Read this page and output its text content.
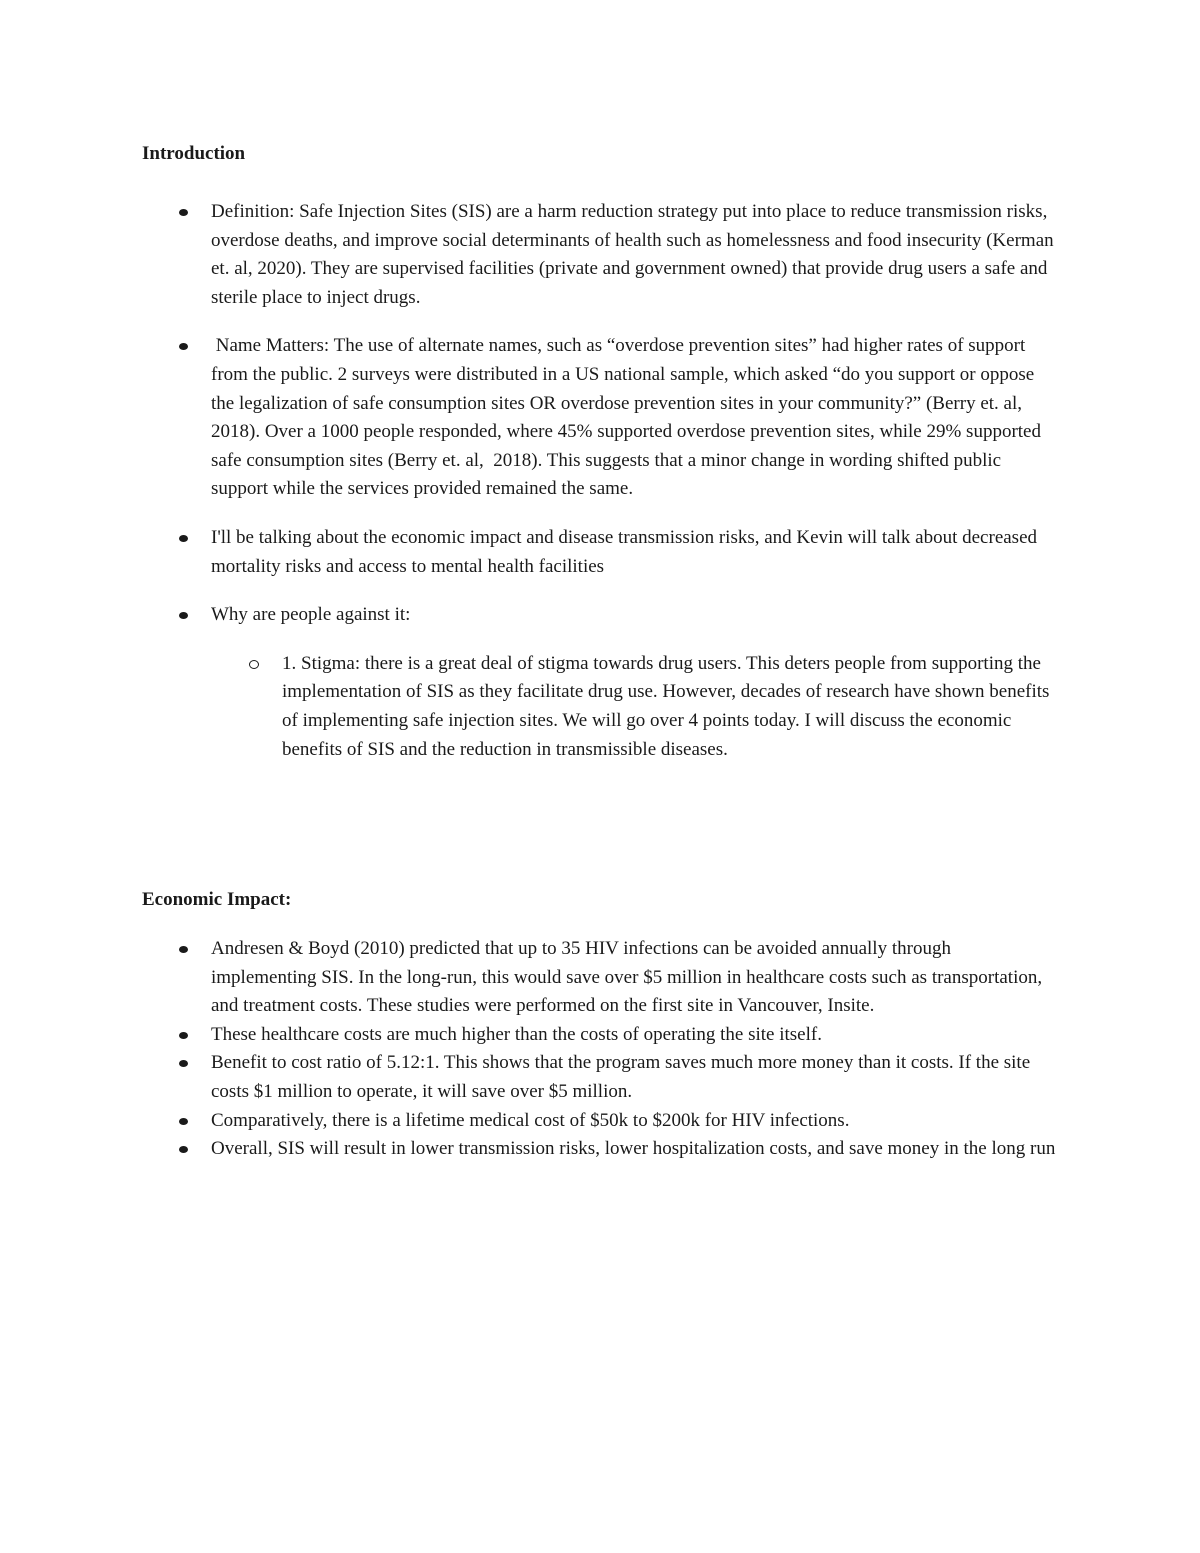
Introduction
Definition: Safe Injection Sites (SIS) are a harm reduction strategy put into place to reduce transmission risks, overdose deaths, and improve social determinants of health such as homelessness and food insecurity (Kerman et. al, 2020). They are supervised facilities (private and government owned) that provide drug users a safe and sterile place to inject drugs.
Name Matters: The use of alternate names, such as “overdose prevention sites” had higher rates of support from the public. 2 surveys were distributed in a US national sample, which asked “do you support or oppose the legalization of safe consumption sites OR overdose prevention sites in your community?” (Berry et. al,  2018). Over a 1000 people responded, where 45% supported overdose prevention sites, while 29% supported safe consumption sites (Berry et. al,  2018). This suggests that a minor change in wording shifted public support while the services provided remained the same.
I'll be talking about the economic impact and disease transmission risks, and Kevin will talk about decreased mortality risks and access to mental health facilities
Why are people against it:
1. Stigma: there is a great deal of stigma towards drug users. This deters people from supporting the implementation of SIS as they facilitate drug use. However, decades of research have shown benefits of implementing safe injection sites. We will go over 4 points today. I will discuss the economic benefits of SIS and the reduction in transmissible diseases.
Economic Impact:
Andresen & Boyd (2010) predicted that up to 35 HIV infections can be avoided annually through implementing SIS. In the long-run, this would save over $5 million in healthcare costs such as transportation, and treatment costs. These studies were performed on the first site in Vancouver, Insite.
These healthcare costs are much higher than the costs of operating the site itself.
Benefit to cost ratio of 5.12:1. This shows that the program saves much more money than it costs. If the site costs $1 million to operate, it will save over $5 million.
Comparatively, there is a lifetime medical cost of $50k to $200k for HIV infections.
Overall, SIS will result in lower transmission risks, lower hospitalization costs, and save money in the long run
